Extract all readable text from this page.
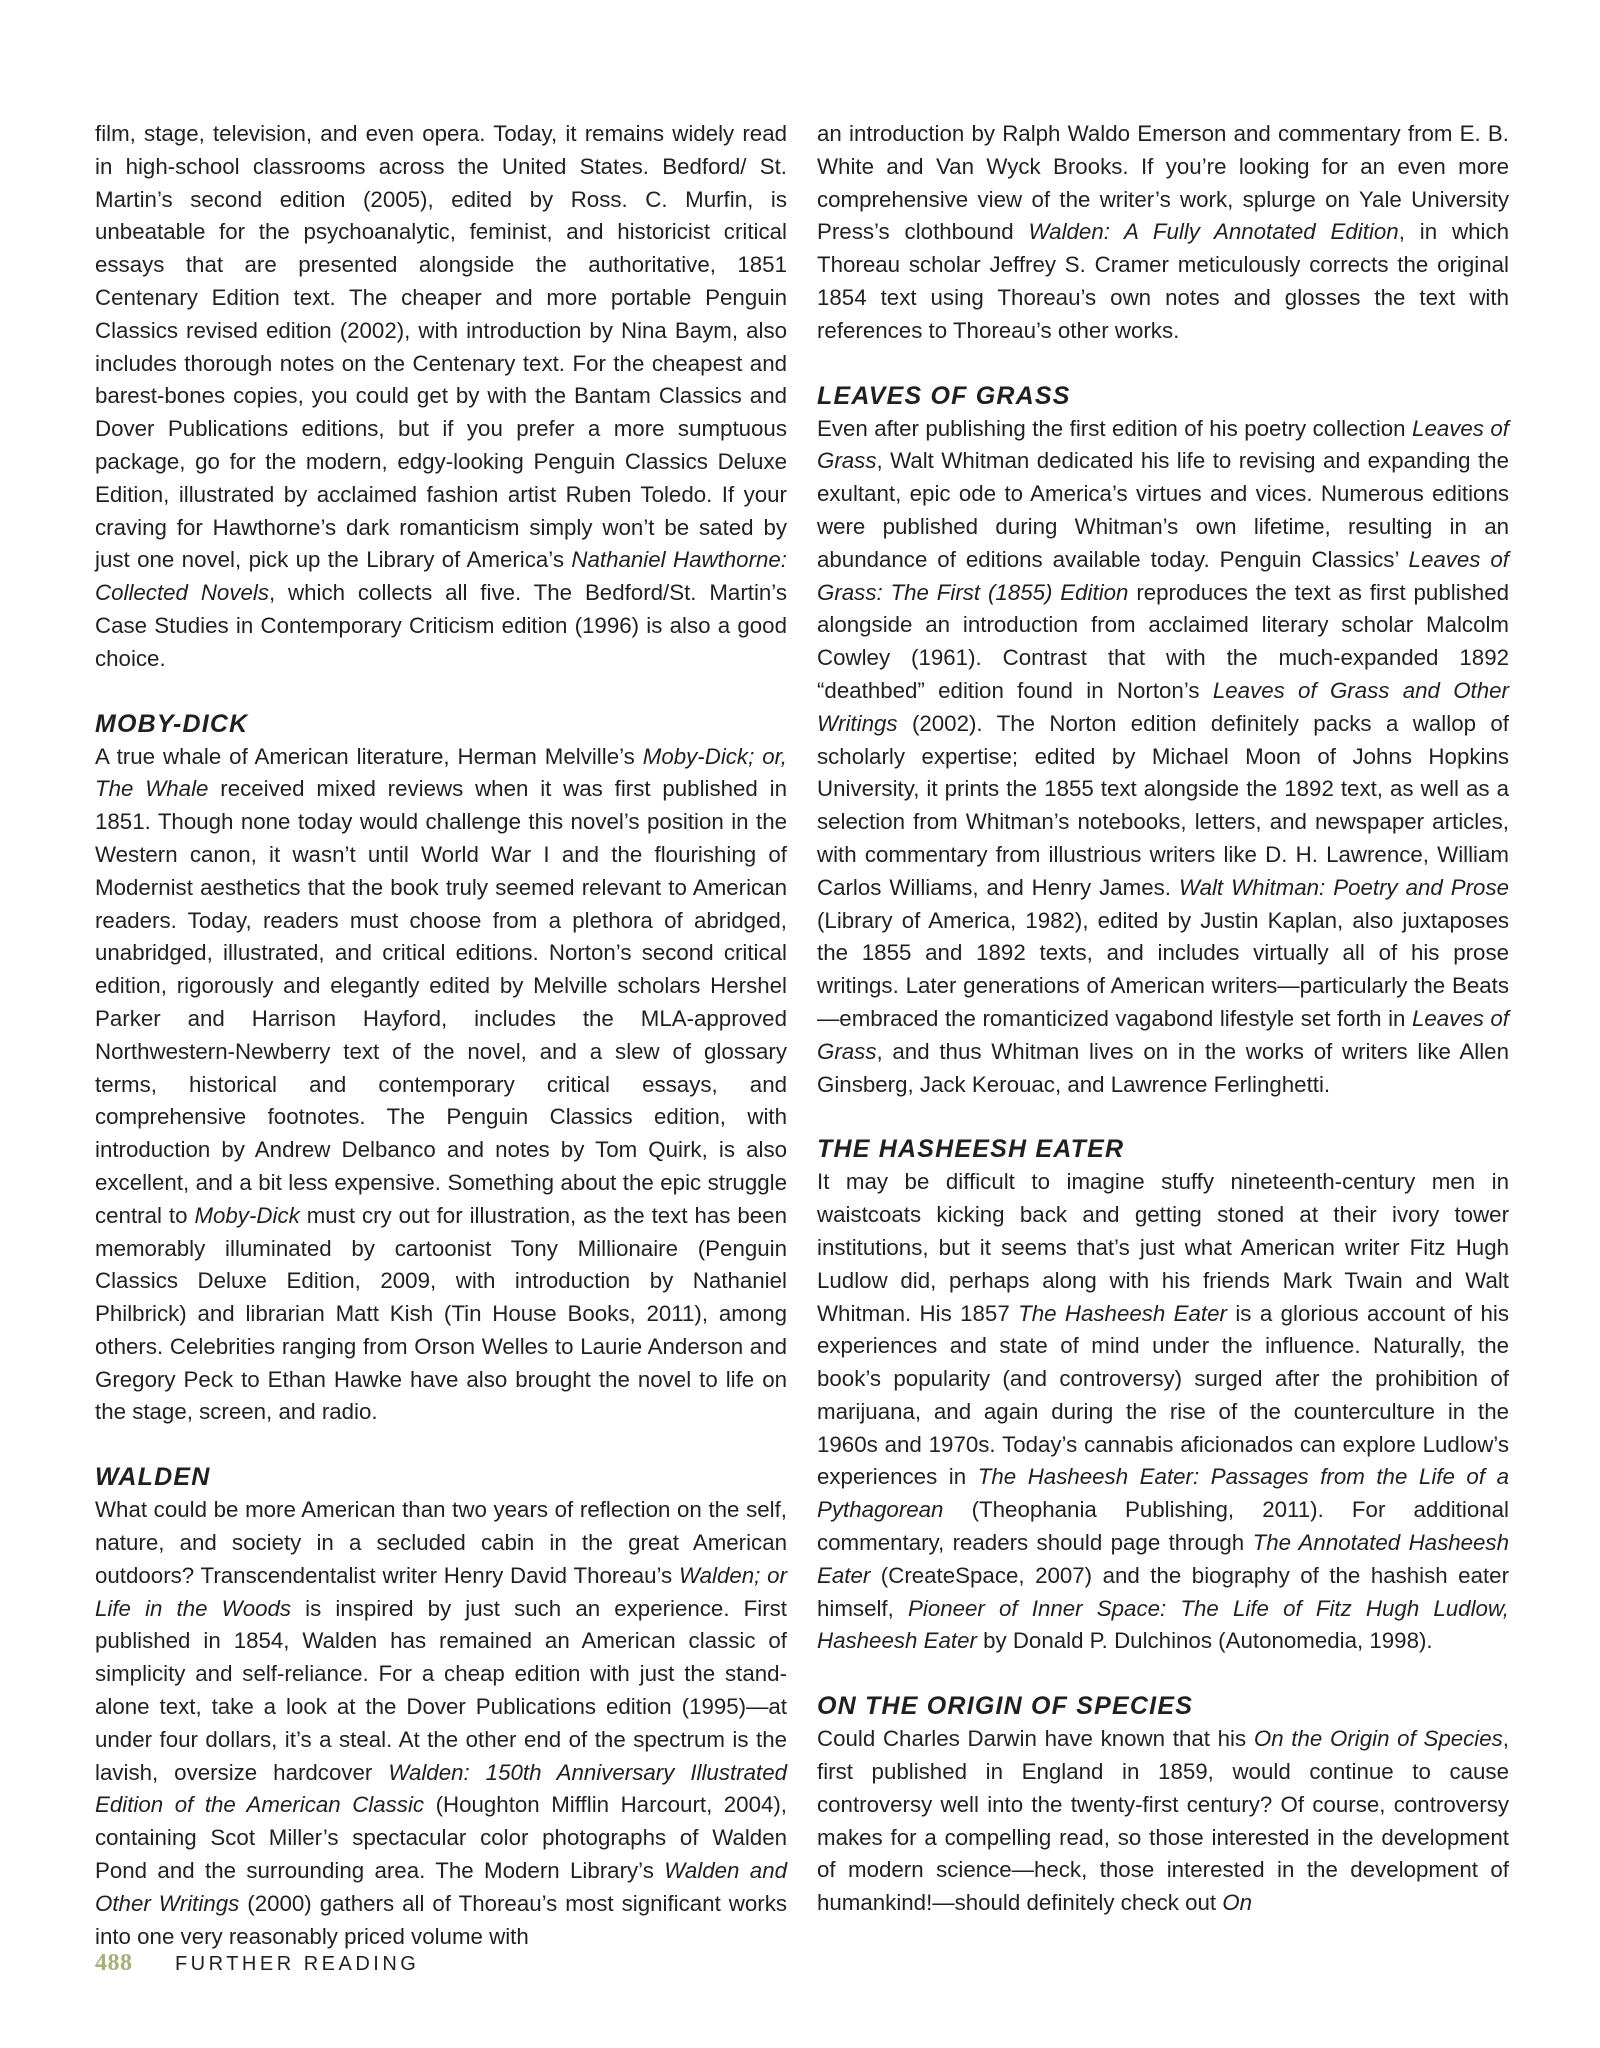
film, stage, television, and even opera. Today, it remains widely read in high-school classrooms across the United States. Bedford/ St. Martin’s second edition (2005), edited by Ross. C. Murfin, is unbeatable for the psychoanalytic, feminist, and historicist critical essays that are presented alongside the authoritative, 1851 Centenary Edition text. The cheaper and more portable Penguin Classics revised edition (2002), with introduction by Nina Baym, also includes thorough notes on the Centenary text. For the cheapest and barest-bones copies, you could get by with the Bantam Classics and Dover Publications editions, but if you prefer a more sumptuous package, go for the modern, edgy-looking Penguin Classics Deluxe Edition, illustrated by acclaimed fashion artist Ruben Toledo. If your craving for Hawthorne’s dark romanticism simply won’t be sated by just one novel, pick up the Library of America’s Nathaniel Hawthorne: Collected Novels, which collects all five. The Bedford/St. Martin’s Case Studies in Contemporary Criticism edition (1996) is also a good choice.

MOBY-DICK

A true whale of American literature, Herman Melville’s Moby-Dick; or, The Whale received mixed reviews when it was first published in 1851. Though none today would challenge this novel’s position in the Western canon, it wasn’t until World War I and the flourishing of Modernist aesthetics that the book truly seemed relevant to American readers. Today, readers must choose from a plethora of abridged, unabridged, illustrated, and critical editions. Norton’s second critical edition, rigorously and elegantly edited by Melville scholars Hershel Parker and Harrison Hayford, includes the MLA-approved Northwestern-Newberry text of the novel, and a slew of glossary terms, historical and contemporary critical essays, and comprehensive footnotes. The Penguin Classics edition, with introduction by Andrew Delbanco and notes by Tom Quirk, is also excellent, and a bit less expensive. Something about the epic struggle central to Moby-Dick must cry out for illustration, as the text has been memorably illuminated by cartoonist Tony Millionaire (Penguin Classics Deluxe Edition, 2009, with introduction by Nathaniel Philbrick) and librarian Matt Kish (Tin House Books, 2011), among others. Celebrities ranging from Orson Welles to Laurie Anderson and Gregory Peck to Ethan Hawke have also brought the novel to life on the stage, screen, and radio.

WALDEN

What could be more American than two years of reflection on the self, nature, and society in a secluded cabin in the great American outdoors? Transcendentalist writer Henry David Thoreau’s Walden; or Life in the Woods is inspired by just such an experience. First published in 1854, Walden has remained an American classic of simplicity and self-reliance. For a cheap edition with just the stand-alone text, take a look at the Dover Publications edition (1995)—at under four dollars, it’s a steal. At the other end of the spectrum is the lavish, oversize hardcover Walden: 150th Anniversary Illustrated Edition of the American Classic (Houghton Mifflin Harcourt, 2004), containing Scot Miller’s spectacular color photographs of Walden Pond and the surrounding area. The Modern Library’s Walden and Other Writings (2000) gathers all of Thoreau’s most significant works into one very reasonably priced volume with

an introduction by Ralph Waldo Emerson and commentary from E. B. White and Van Wyck Brooks. If you’re looking for an even more comprehensive view of the writer’s work, splurge on Yale University Press’s clothbound Walden: A Fully Annotated Edition, in which Thoreau scholar Jeffrey S. Cramer meticulously corrects the original 1854 text using Thoreau’s own notes and glosses the text with references to Thoreau’s other works.

LEAVES OF GRASS

Even after publishing the first edition of his poetry collection Leaves of Grass, Walt Whitman dedicated his life to revising and expanding the exultant, epic ode to America’s virtues and vices. Numerous editions were published during Whitman’s own lifetime, resulting in an abundance of editions available today. Penguin Classics’ Leaves of Grass: The First (1855) Edition reproduces the text as first published alongside an introduction from acclaimed literary scholar Malcolm Cowley (1961). Contrast that with the much-expanded 1892 “deathbed” edition found in Norton’s Leaves of Grass and Other Writings (2002). The Norton edition definitely packs a wallop of scholarly expertise; edited by Michael Moon of Johns Hopkins University, it prints the 1855 text alongside the 1892 text, as well as a selection from Whitman’s notebooks, letters, and newspaper articles, with commentary from illustrious writers like D. H. Lawrence, William Carlos Williams, and Henry James. Walt Whitman: Poetry and Prose (Library of America, 1982), edited by Justin Kaplan, also juxtaposes the 1855 and 1892 texts, and includes virtually all of his prose writings. Later generations of American writers—particularly the Beats—embraced the romanticized vagabond lifestyle set forth in Leaves of Grass, and thus Whitman lives on in the works of writers like Allen Ginsberg, Jack Kerouac, and Lawrence Ferlinghetti.

THE HASHEESH EATER

It may be difficult to imagine stuffy nineteenth-century men in waistcoats kicking back and getting stoned at their ivory tower institutions, but it seems that’s just what American writer Fitz Hugh Ludlow did, perhaps along with his friends Mark Twain and Walt Whitman. His 1857 The Hasheesh Eater is a glorious account of his experiences and state of mind under the influence. Naturally, the book’s popularity (and controversy) surged after the prohibition of marijuana, and again during the rise of the counterculture in the 1960s and 1970s. Today’s cannabis aficionados can explore Ludlow’s experiences in The Hasheesh Eater: Passages from the Life of a Pythagorean (Theophania Publishing, 2011). For additional commentary, readers should page through The Annotated Hasheesh Eater (CreateSpace, 2007) and the biography of the hashish eater himself, Pioneer of Inner Space: The Life of Fitz Hugh Ludlow, Hasheesh Eater by Donald P. Dulchinos (Autonomedia, 1998).

ON THE ORIGIN OF SPECIES

Could Charles Darwin have known that his On the Origin of Species, first published in England in 1859, would continue to cause controversy well into the twenty-first century? Of course, controversy makes for a compelling read, so those interested in the development of modern science—heck, those interested in the development of humankind!—should definitely check out On

488 FURTHER READING
